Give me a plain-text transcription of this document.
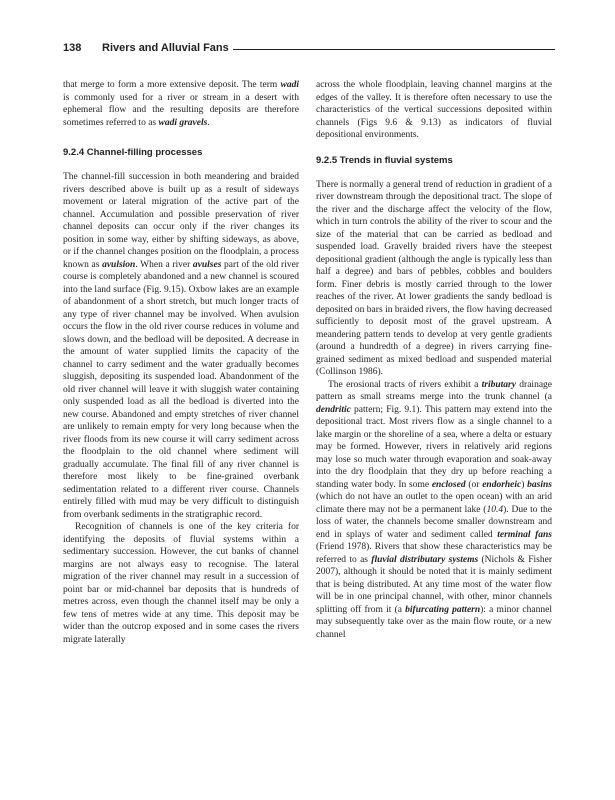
138 Rivers and Alluvial Fans

that merge to form a more extensive deposit. The term wadi is commonly used for a river or stream in a desert with ephemeral flow and the resulting deposits are therefore sometimes referred to as wadi gravels.

9.2.4 Channel-filling processes

The channel-fill succession in both meandering and braided rivers described above is built up as a result of sideways movement or lateral migration of the active part of the channel. Accumulation and possible preservation of river channel deposits can occur only if the river changes its position in some way, either by shifting sideways, as above, or if the channel changes position on the floodplain, a process known as avulsion. When a river avulses part of the old river course is completely abandoned and a new channel is scoured into the land surface (Fig. 9.15). Oxbow lakes are an example of abandonment of a short stretch, but much longer tracts of any type of river channel may be involved. When avulsion occurs the flow in the old river course reduces in volume and slows down, and the bedload will be deposited. A decrease in the amount of water supplied limits the capacity of the channel to carry sediment and the water gradually becomes sluggish, depositing its suspended load. Abandonment of the old river channel will leave it with sluggish water containing only suspended load as all the bedload is diverted into the new course. Abandoned and empty stretches of river channel are unlikely to remain empty for very long because when the river floods from its new course it will carry sediment across the floodplain to the old channel where sediment will gradually accumulate. The final fill of any river channel is therefore most likely to be fine-grained overbank sedimentation related to a different river course. Channels entirely filled with mud may be very difficult to distinguish from overbank sediments in the stratigraphic record.

Recognition of channels is one of the key criteria for identifying the deposits of fluvial systems within a sedimentary succession. However, the cut banks of channel margins are not always easy to recognise. The lateral migration of the river channel may result in a succession of point bar or mid-channel bar deposits that is hundreds of metres across, even though the channel itself may be only a few tens of metres wide at any time. This deposit may be wider than the outcrop exposed and in some cases the rivers migrate laterally

across the whole floodplain, leaving channel margins at the edges of the valley. It is therefore often necessary to use the characteristics of the vertical successions deposited within channels (Figs 9.6 & 9.13) as indicators of fluvial depositional environments.

9.2.5 Trends in fluvial systems

There is normally a general trend of reduction in gradient of a river downstream through the depositional tract. The slope of the river and the discharge affect the velocity of the flow, which in turn controls the ability of the river to scour and the size of the material that can be carried as bedload and suspended load. Gravelly braided rivers have the steepest depositional gradient (although the angle is typically less than half a degree) and bars of pebbles, cobbles and boulders form. Finer debris is mostly carried through to the lower reaches of the river. At lower gradients the sandy bedload is deposited on bars in braided rivers, the flow having decreased sufficiently to deposit most of the gravel upstream. A meandering pattern tends to develop at very gentle gradients (around a hundredth of a degree) in rivers carrying fine-grained sediment as mixed bedload and suspended material (Collinson 1986).

The erosional tracts of rivers exhibit a tributary drainage pattern as small streams merge into the trunk channel (a dendritic pattern; Fig. 9.1). This pattern may extend into the depositional tract. Most rivers flow as a single channel to a lake margin or the shoreline of a sea, where a delta or estuary may be formed. However, rivers in relatively arid regions may lose so much water through evaporation and soak-away into the dry floodplain that they dry up before reaching a standing water body. In some enclosed (or endorheic) basins (which do not have an outlet to the open ocean) with an arid climate there may not be a permanent lake (10.4). Due to the loss of water, the channels become smaller downstream and end in splays of water and sediment called terminal fans (Friend 1978). Rivers that show these characteristics may be referred to as fluvial distributary systems (Nichols & Fisher 2007), although it should be noted that it is mainly sediment that is being distributed. At any time most of the water flow will be in one principal channel, with other, minor channels splitting off from it (a bifurcating pattern): a minor channel may subsequently take over as the main flow route, or a new channel
